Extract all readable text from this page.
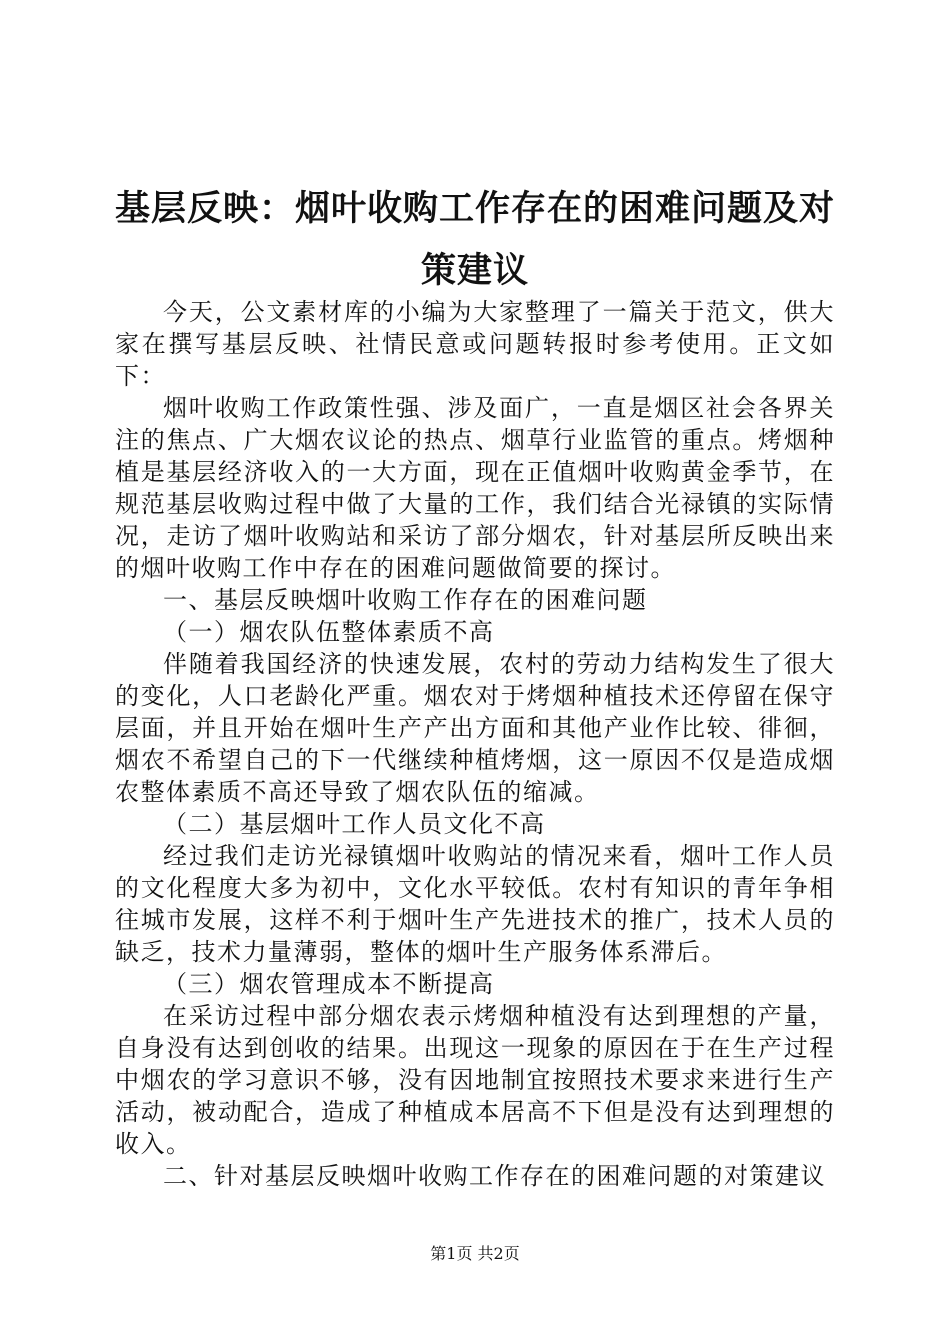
基层反映：烟叶收购工作存在的困难问题及对策建议

今天，公文素材库的小编为大家整理了一篇关于范文，供大家在撰写基层反映、社情民意或问题转报时参考使用。正文如下：

烟叶收购工作政策性强、涉及面广，一直是烟区社会各界关注的焦点、广大烟农议论的热点、烟草行业监管的重点。烤烟种植是基层经济收入的一大方面，现在正值烟叶收购黄金季节，在规范基层收购过程中做了大量的工作，我们结合光禄镇的实际情况，走访了烟叶收购站和采访了部分烟农，针对基层所反映出来的烟叶收购工作中存在的困难问题做简要的探讨。

一、基层反映烟叶收购工作存在的困难问题

（一）烟农队伍整体素质不高

伴随着我国经济的快速发展，农村的劳动力结构发生了很大的变化，人口老龄化严重。烟农对于烤烟种植技术还停留在保守层面，并且开始在烟叶生产产出方面和其他产业作比较、徘徊，烟农不希望自己的下一代继续种植烤烟，这一原因不仅是造成烟农整体素质不高还导致了烟农队伍的缩减。

（二）基层烟叶工作人员文化不高

经过我们走访光禄镇烟叶收购站的情况来看，烟叶工作人员的文化程度大多为初中，文化水平较低。农村有知识的青年争相往城市发展，这样不利于烟叶生产先进技术的推广，技术人员的缺乏，技术力量薄弱，整体的烟叶生产服务体系滞后。

（三）烟农管理成本不断提高

在采访过程中部分烟农表示烤烟种植没有达到理想的产量，自身没有达到创收的结果。出现这一现象的原因在于在生产过程中烟农的学习意识不够，没有因地制宜按照技术要求来进行生产活动，被动配合，造成了种植成本居高不下但是没有达到理想的收入。

二、针对基层反映烟叶收购工作存在的困难问题的对策建议

第1页 共2页
